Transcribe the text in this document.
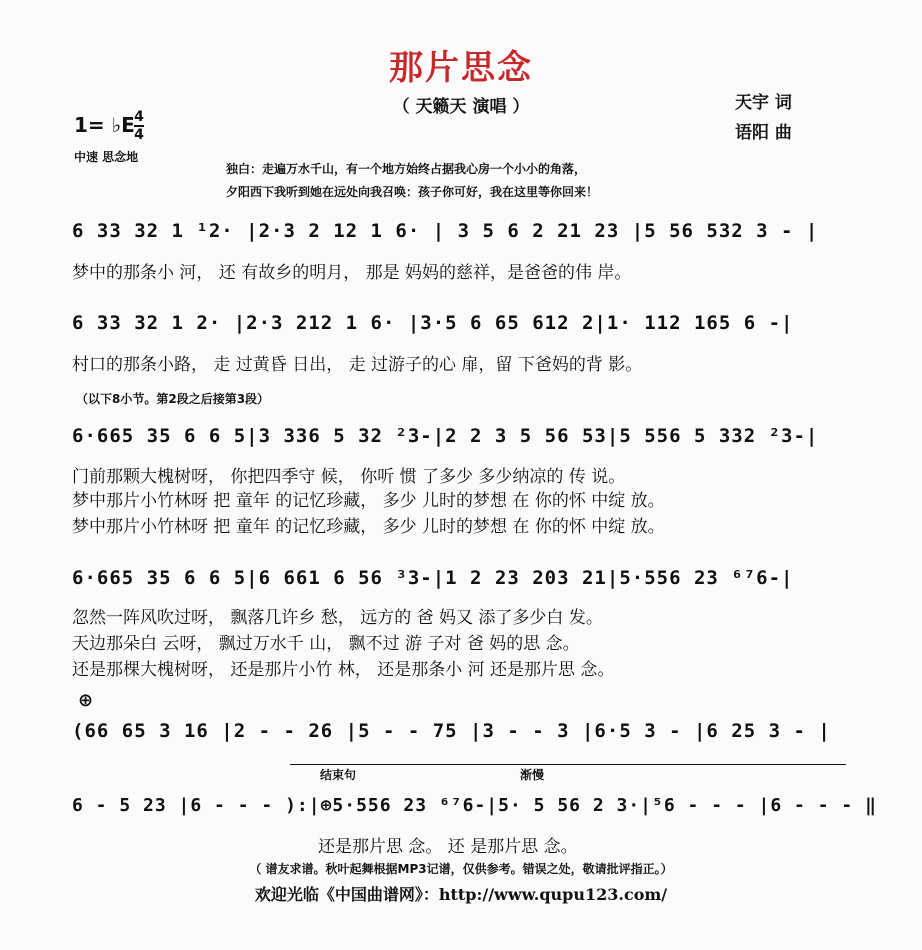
那片思念
（ 天籁天 演唱 ）	天宇 词
语阳 曲
1= ♭E 4
4
中速 思念地
独白：走遍万水千山，有一个地方始终占据我心房一个小小的角落，
夕阳西下我听到她在远处向我召唤：孩子你可好，我在这里等你回来！
6 33 32 1 ¹2· |2·3 2 12 1 6· | 3 5 6 2 21 23 |5 56 532 3 - |
梦中的那条小 河， 还 有故乡的明月， 那是 妈妈的慈祥，是爸爸的伟 岸。
6 33 32 1 2· |2·3 212 1 6· |3·5 6 65 612 2|1· 112 165 6 -|
村口的那条小路， 走 过黄昏 日出， 走 过游子的心 扉，留 下爸妈的背 影。
（以下8小节。第2段之后接第3段）
6·665 35 6 6 5|3 336 5 32 ²3-|2 2 3 5 56 53|5 556 5 332 ²3-|
门前那颗大槐树呀， 你把四季守 候， 你听 惯 了多少 多少纳凉的 传 说。
梦中那片小竹林呀 把 童年 的记忆珍藏， 多少 儿时的梦想 在 你的怀 中绽 放。
梦中那片小竹林呀 把 童年 的记忆珍藏， 多少 儿时的梦想 在 你的怀 中绽 放。
6·665 35 6 6 5|6 661 6 56 ³3-|1 2 23 203 21|5·556 23 ⁶⁷6-|
忽然一阵风吹过呀， 飘落几许乡 愁， 远方的 爸 妈又 添了多少白 发。
天边那朵白 云呀， 飘过万水千 山， 飘不过 游 子对 爸 妈的思 念。
还是那棵大槐树呀， 还是那片小竹 林， 还是那条小 河 还是那片思 念。
⊕
(66 65 3 16 |2 - - 26 |5 - - 75 |3 - - 3 |6·5 3 - |6 25 3 - |
结束句	渐慢
6 - 5 23 |6 - - - ):|⊕5·556 23 ⁶⁷6-|5· 5 56 2 3·|⁵6 - - - |6 - - - ‖
还是那片思 念。 还 是那片思 念。
（ 谱友求谱。秋叶起舞根据MP3记谱，仅供参考。错误之处，敬请批评指正。）
欢迎光临《中国曲谱网》：http://www.qupu123.com/
